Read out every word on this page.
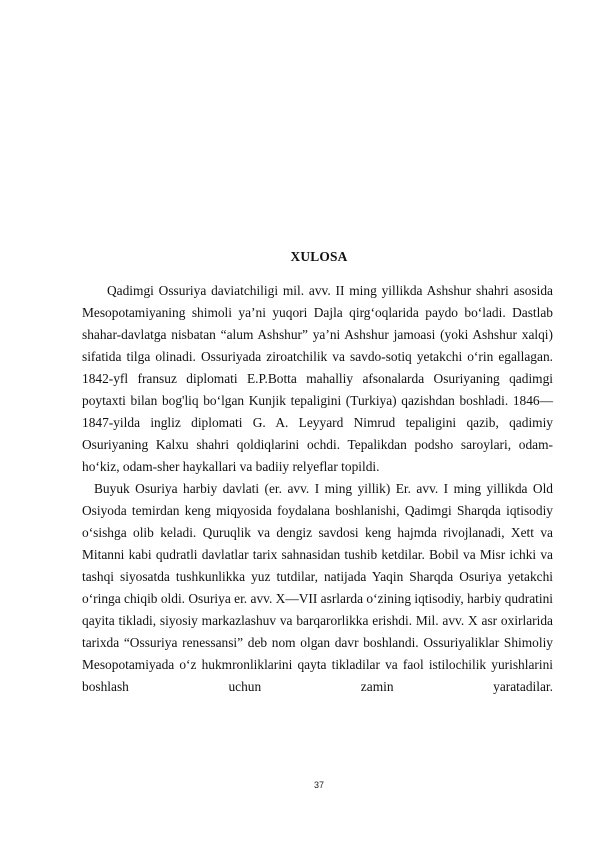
XULOSA

Qadimgi Ossuriya daviatchiligi mil. avv. II ming yillikda Ashshur shahri asosida Mesopotamiyaning shimoli ya’ni yuqori Dajla qirg‘oqlarida paydo bo‘ladi. Dastlab shahar-davlatga nisbatan “alum Ashshur” ya’ni Ashshur jamoasi (yoki Ashshur xalqi) sifatida tilga olinadi. Ossuriyada ziroatchilik va savdo-sotiq yetakchi o‘rin egallagan. 1842-yfl fransuz diplomati E.P.Botta mahalliy afsonalarda Osuriyaning qadimgi poytaxti bilan bog'liq bo‘lgan Kunjik tepaligini (Turkiya) qazishdan boshladi. 1846—1847-yilda ingliz diplomati G. A. Leyyard Nimrud tepaligini qazib, qadimiy Osuriyaning Kalxu shahri qoldiqlarini ochdi. Tepalikdan podsho saroylari, odam-ho‘kiz, odam-sher haykallari va badiiy relyeflar topildi.

Buyuk Osuriya harbiy davlati (er. avv. I ming yillik) Er. avv. I ming yillikda Old Osiyoda temirdan keng miqyosida foydalana boshlanishi, Qadimgi Sharqda iqtisodiy o‘sishga olib keladi. Quruqlik va dengiz savdosi keng hajmda rivojlanadi, Xett va Mitanni kabi qudratli davlatlar tarix sahnasidan tushib ketdilar. Bobil va Misr ichki va tashqi siyosatda tushkunlikka yuz tutdilar, natijada Yaqin Sharqda Osuriya yetakchi o‘ringa chiqib oldi. Osuriya er. avv. X—VII asrlarda o‘zining iqtisodiy, harbiy qudratini qayita tikladi, siyosiy markazlashuv va barqarorlikka erishdi. Mil. avv. X asr oxirlarida tarixda “Ossuriya renessansi” deb nom olgan davr boshlandi. Ossuriyaliklar Shimoliy Mesopotamiyada o‘z hukmronliklarini qayta tikladilar va faol istilochilik yurishlarini boshlash uchun zamin yaratadilar.

37
